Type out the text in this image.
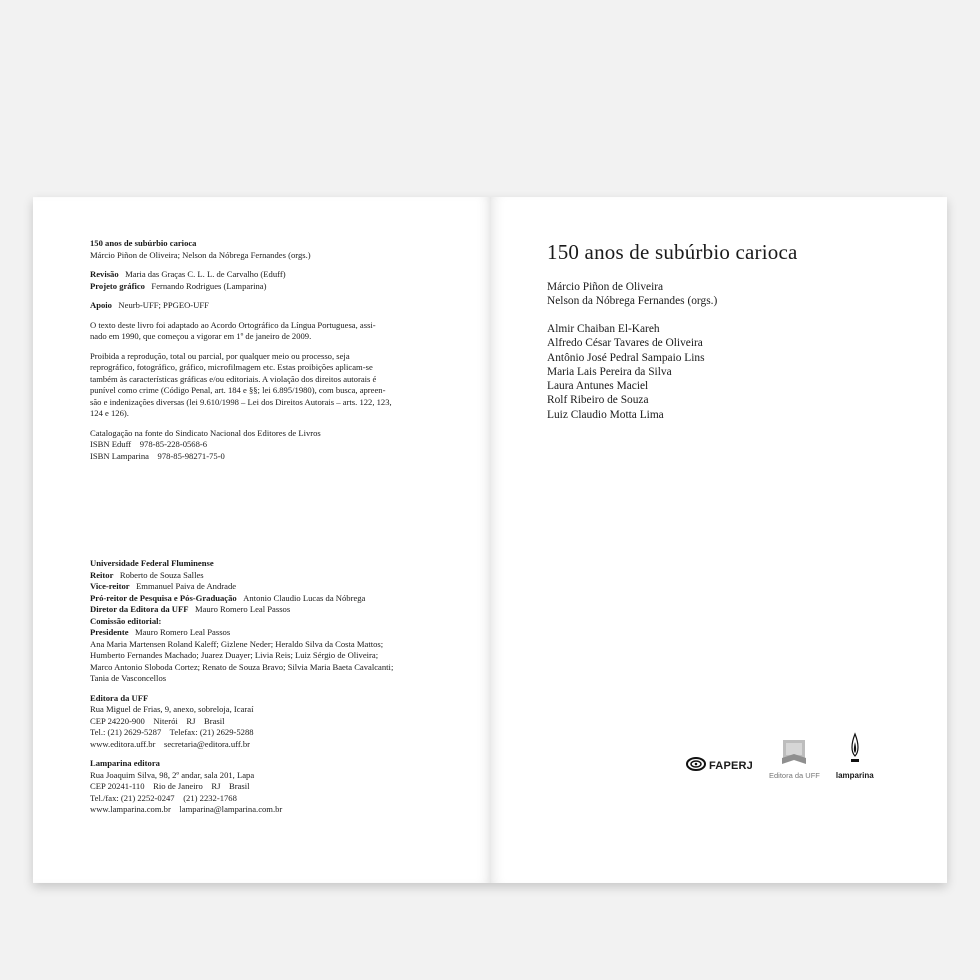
150 anos de subúrbio carioca

Márcio Piñon de Oliveira; Nelson da Nóbrega Fernandes (orgs.)

Revisão Maria das Graças C. L. L. de Carvalho (Eduff)

Projeto gráfico Fernando Rodrigues (Lamparina)

Apoio Neurb-UFF; PPGEO-UFF

O texto deste livro foi adaptado ao Acordo Ortográfico da Língua Portuguesa, assi-

nado em 1990, que começou a vigorar em 1º de janeiro de 2009.

Proibida a reprodução, total ou parcial, por qualquer meio ou processo, seja

reprográfico, fotográfico, gráfico, microfilmagem etc. Estas proibições aplicam-se

também às características gráficas e/ou editoriais. A violação dos direitos autorais é

punível como crime (Código Penal, art. 184 e §§; lei 6.895/1980), com busca, apreen-

são e indenizações diversas (lei 9.610/1998 – Lei dos Direitos Autorais – arts. 122, 123,

124 e 126).

Catalogação na fonte do Sindicato Nacional dos Editores de Livros

ISBN Eduff    978-85-228-0568-6

ISBN Lamparina    978-85-98271-75-0

Universidade Federal Fluminense

Reitor Roberto de Souza Salles

Vice-reitor Emmanuel Paiva de Andrade

Pró-reitor de Pesquisa e Pós-Graduação Antonio Claudio Lucas da Nóbrega

Diretor da Editora da UFF Mauro Romero Leal Passos

Comissão editorial:

Presidente Mauro Romero Leal Passos

Ana Maria Martensen Roland Kaleff; Gizlene Neder; Heraldo Silva da Costa Mattos;

Humberto Fernandes Machado; Juarez Duayer; Livia Reis; Luiz Sérgio de Oliveira;

Marco Antonio Sloboda Cortez; Renato de Souza Bravo; Silvia Maria Baeta Cavalcanti;

Tania de Vasconcellos

Editora da UFF

Rua Miguel de Frias, 9, anexo, sobreloja, Icaraí

CEP 24220-900    Niterói    RJ    Brasil

Tel.: (21) 2629-5287    Telefax: (21) 2629-5288

www.editora.uff.br    secretaria@editora.uff.br

Lamparina editora

Rua Joaquim Silva, 98, 2º andar, sala 201, Lapa

CEP 20241-110    Rio de Janeiro    RJ    Brasil

Tel./fax: (21) 2252-0247    (21) 2232-1768

www.lamparina.com.br    lamparina@lamparina.com.br

150 anos de subúrbio carioca

Márcio Piñon de Oliveira

Nelson da Nóbrega Fernandes (orgs.)

Almir Chaiban El-Kareh

Alfredo César Tavares de Oliveira

Antônio José Pedral Sampaio Lins

Maria Lais Pereira da Silva

Laura Antunes Maciel

Rolf Ribeiro de Souza

Luiz Claudio Motta Lima

FAPERJ
Editora da UFF lamparina
